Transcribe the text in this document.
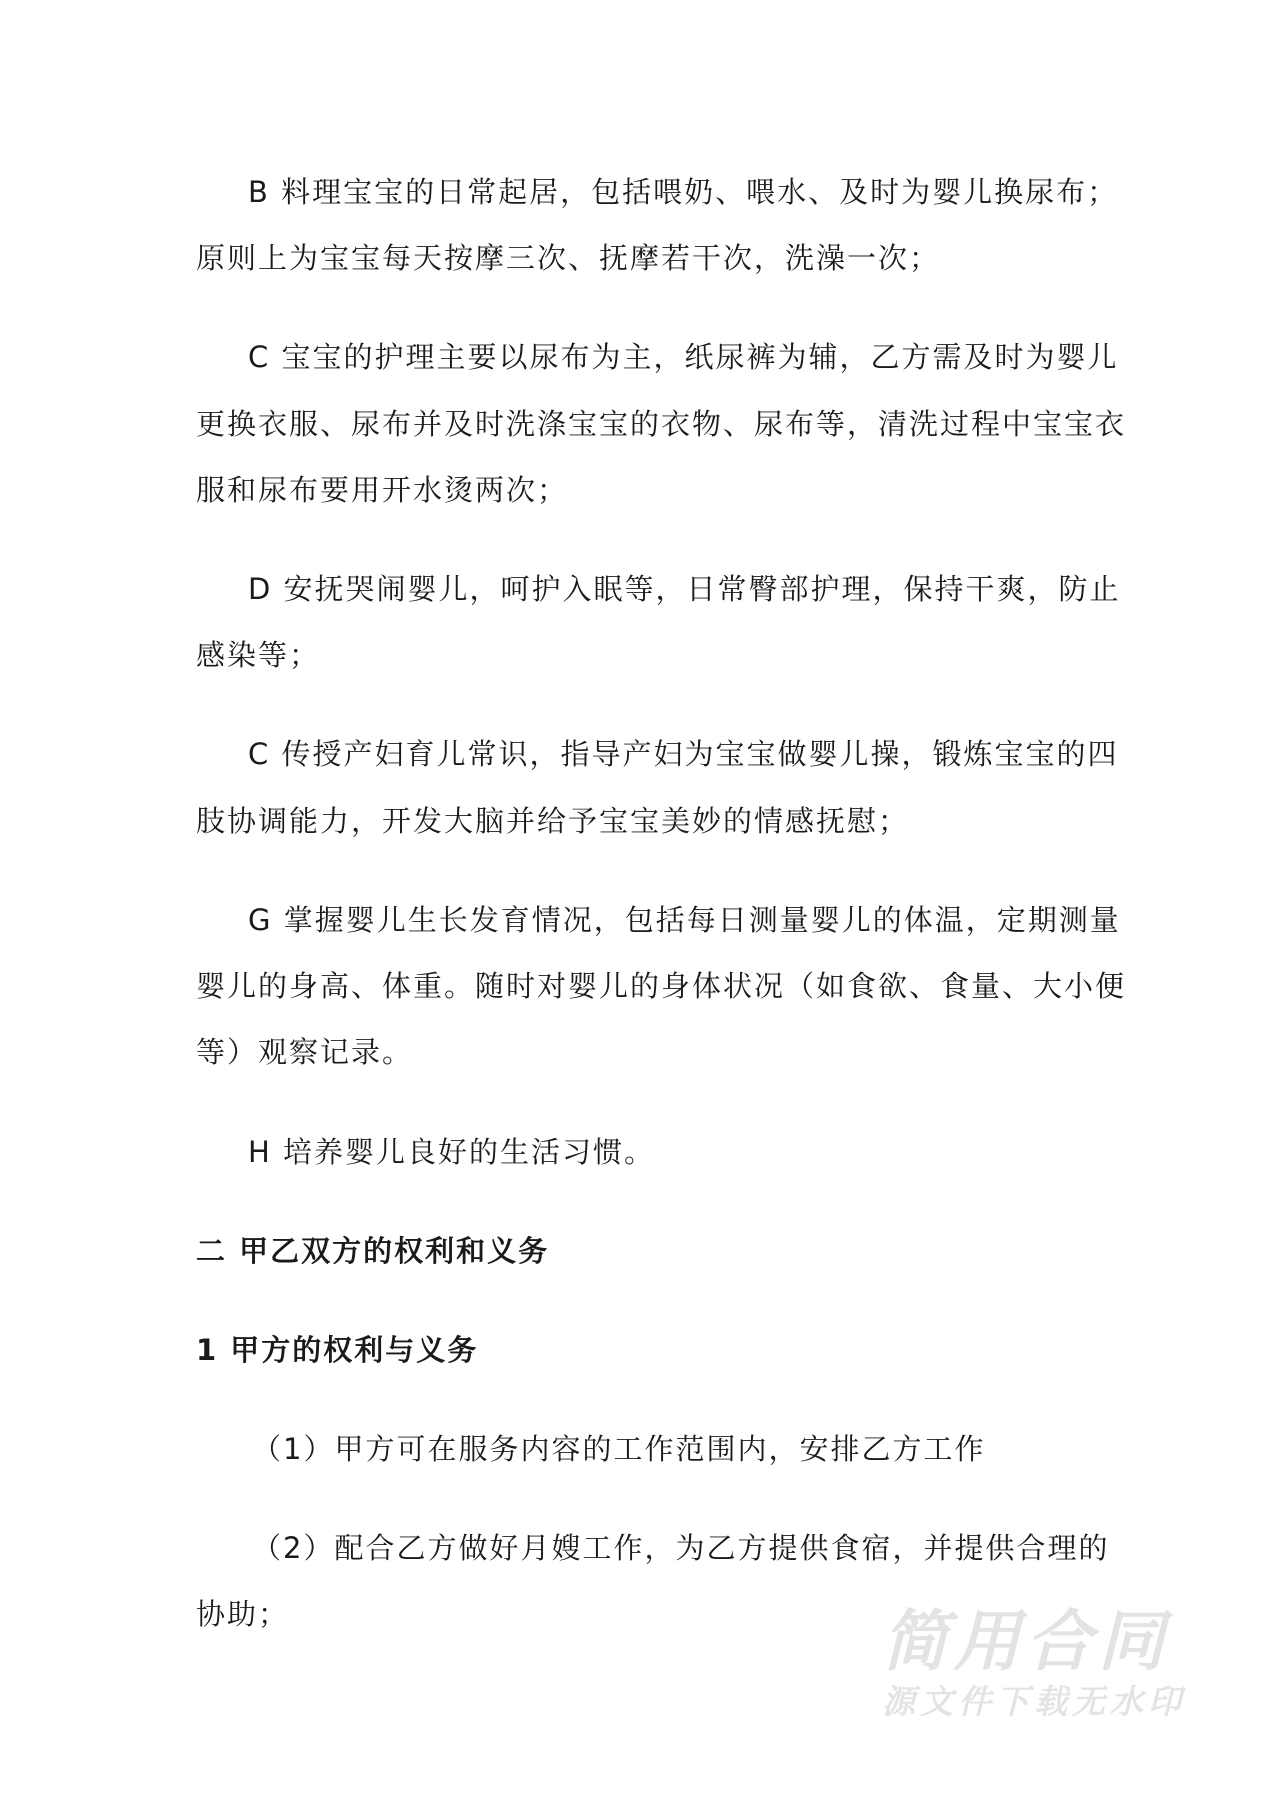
B 料理宝宝的日常起居，包括喂奶、喂水、及时为婴儿换尿布；
原则上为宝宝每天按摩三次、抚摩若干次，洗澡一次；
C 宝宝的护理主要以尿布为主，纸尿裤为辅，乙方需及时为婴儿
更换衣服、尿布并及时洗涤宝宝的衣物、尿布等，清洗过程中宝宝衣
服和尿布要用开水烫两次；
D 安抚哭闹婴儿，呵护入眠等，日常臀部护理，保持干爽，防止
感染等；
C 传授产妇育儿常识，指导产妇为宝宝做婴儿操，锻炼宝宝的四
肢协调能力，开发大脑并给予宝宝美妙的情感抚慰；
G 掌握婴儿生长发育情况，包括每日测量婴儿的体温，定期测量
婴儿的身高、体重。随时对婴儿的身体状况（如食欲、食量、大小便
等）观察记录。
H 培养婴儿良好的生活习惯。
二 甲乙双方的权利和义务
1 甲方的权利与义务
（1）甲方可在服务内容的工作范围内，安排乙方工作
（2）配合乙方做好月嫂工作，为乙方提供食宿，并提供合理的
协助；	简用合同
源文件下载无水印
